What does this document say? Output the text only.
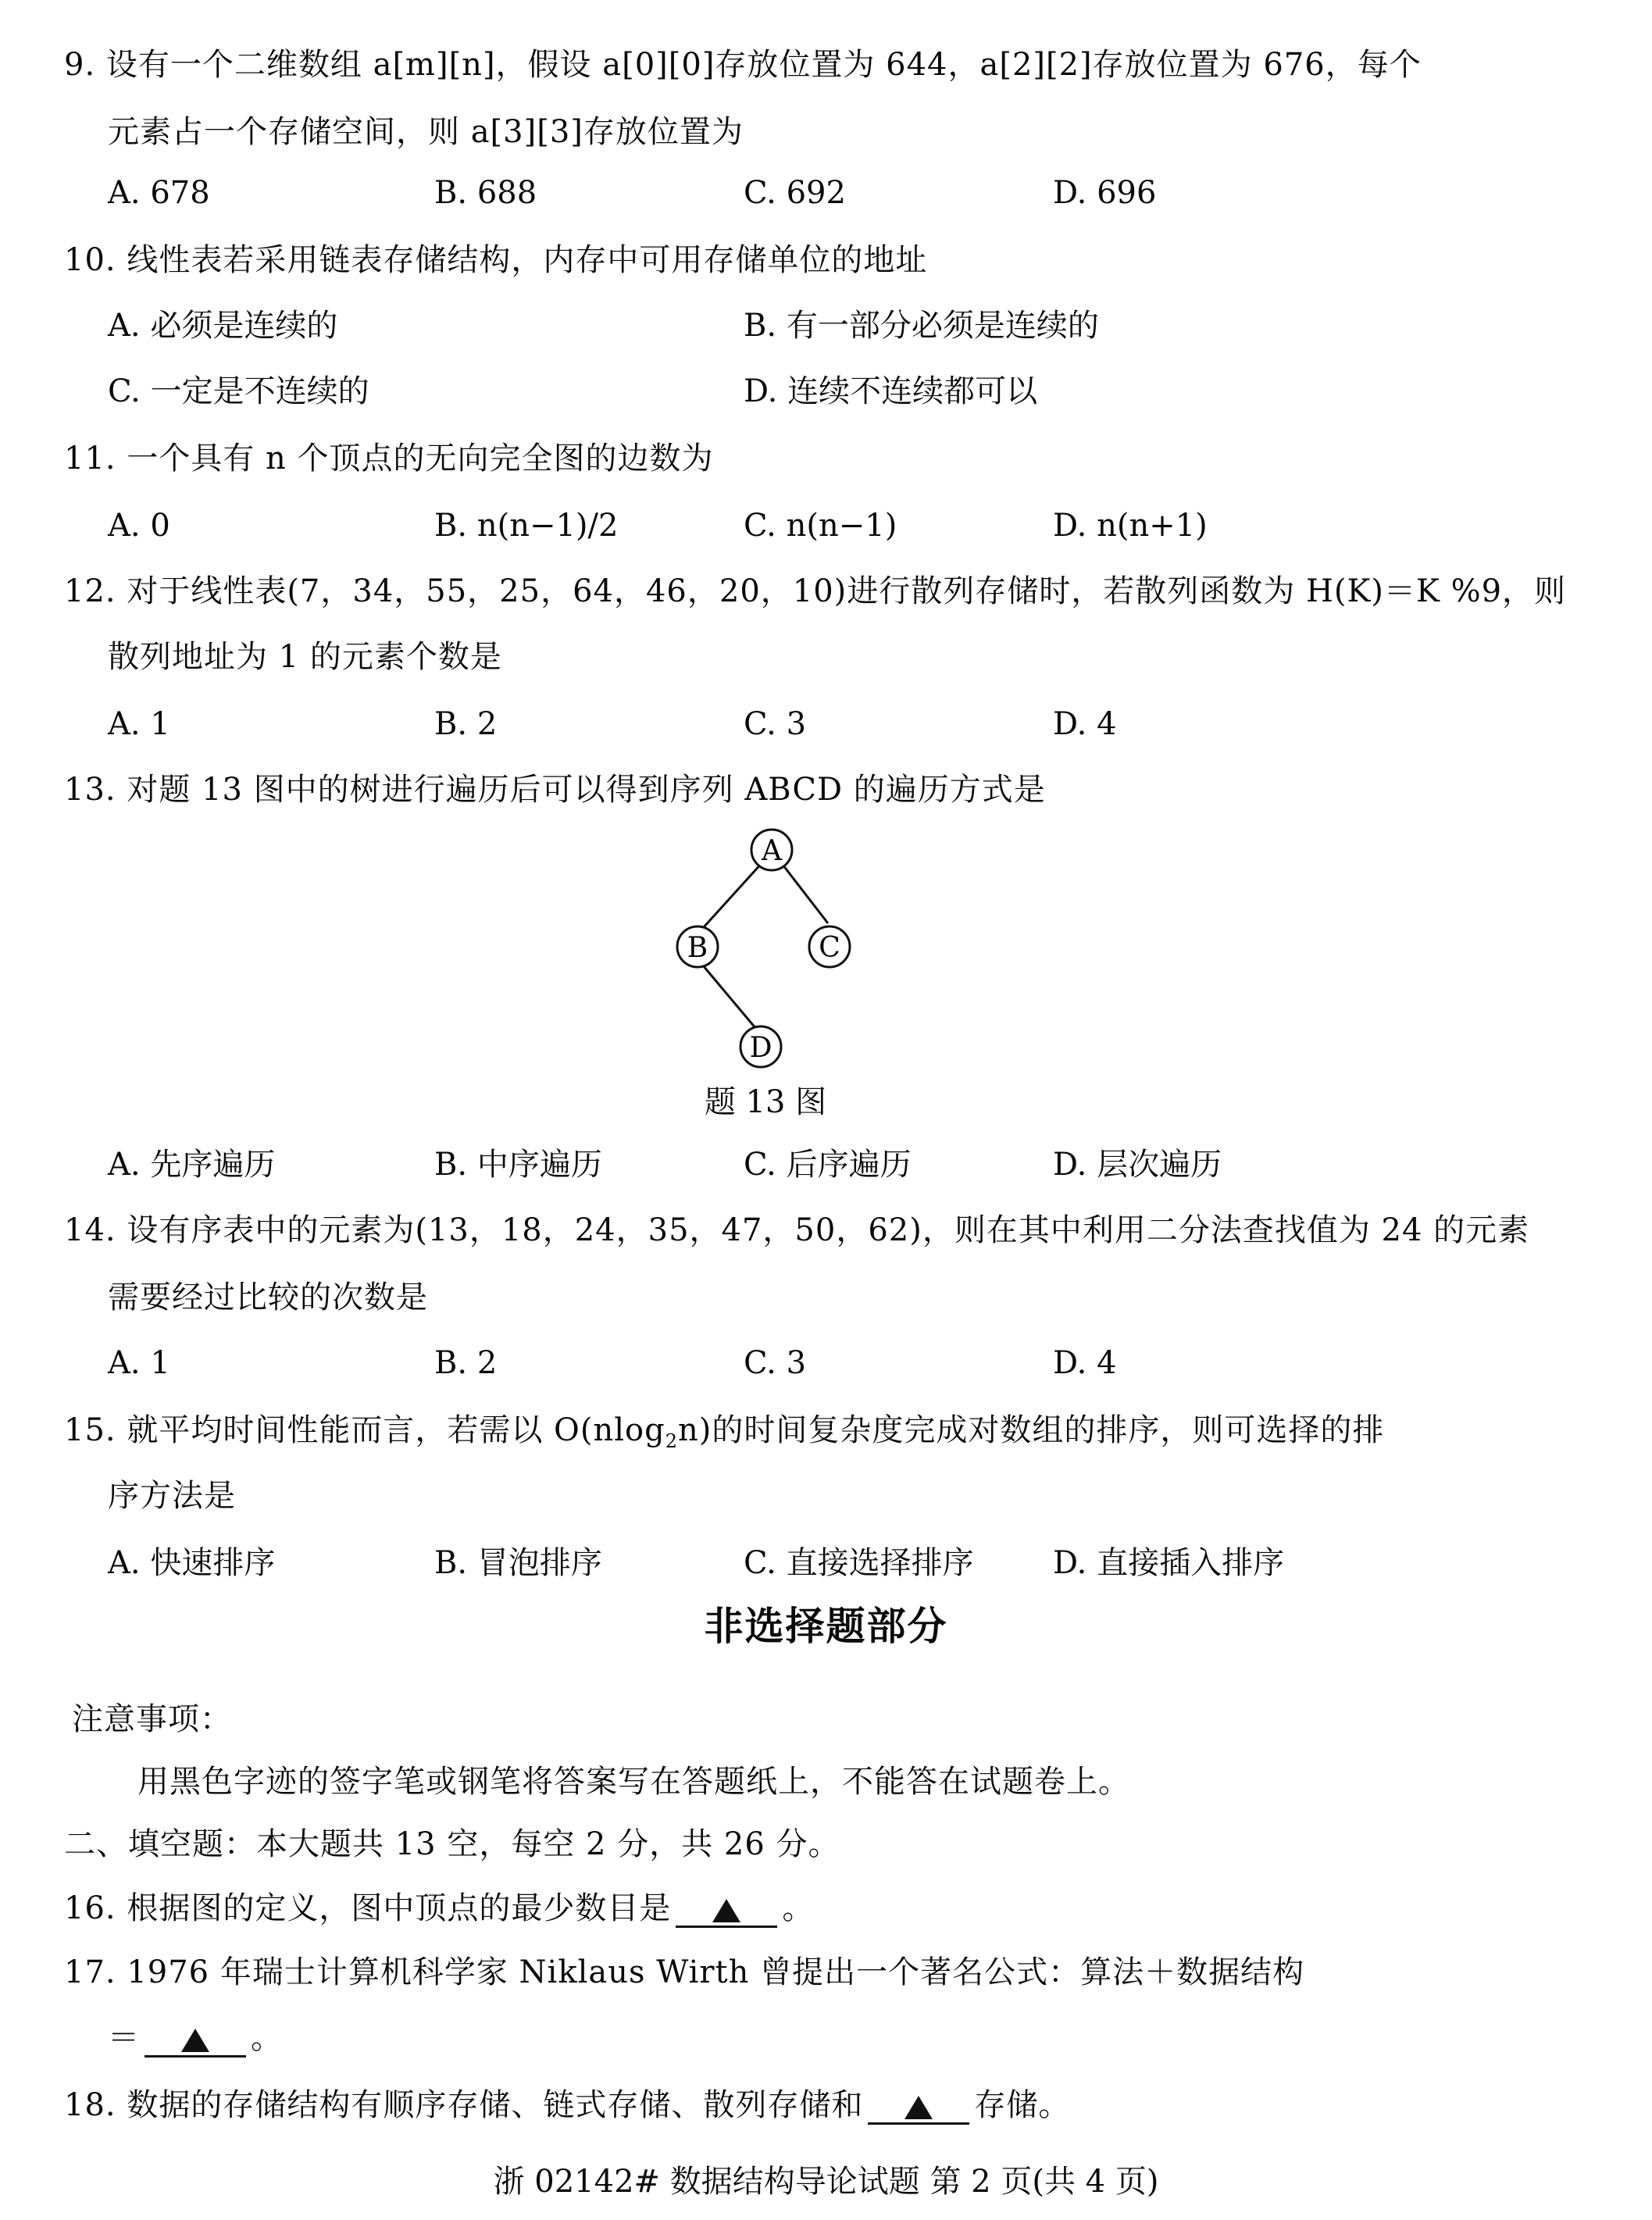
9. 设有一个二维数组 a[m][n]，假设 a[0][0]存放位置为 644，a[2][2]存放位置为 676，每个
元素占一个存储空间，则 a[3][3]存放位置为
A. 678	B. 688	C. 692	D. 696
10. 线性表若采用链表存储结构，内存中可用存储单位的地址
A. 必须是连续的	B. 有一部分必须是连续的
C. 一定是不连续的	D. 连续不连续都可以
11. 一个具有 n 个顶点的无向完全图的边数为
A. 0	B. n(n−1)/2	C. n(n−1)	D. n(n+1)
12. 对于线性表(7，34，55，25，64，46，20，10)进行散列存储时，若散列函数为 H(K)＝K %9，则
散列地址为 1 的元素个数是
A. 1	B. 2	C. 3	D. 4
13. 对题 13 图中的树进行遍历后可以得到序列 ABCD 的遍历方式是
A
B	C
D
题 13 图
A. 先序遍历	B. 中序遍历	C. 后序遍历	D. 层次遍历
14. 设有序表中的元素为(13，18，24，35，47，50，62)，则在其中利用二分法查找值为 24 的元素
需要经过比较的次数是
A. 1	B. 2	C. 3	D. 4
15. 就平均时间性能而言，若需以 O(nlog$_2$n)的时间复杂度完成对数组的排序，则可选择的排
序方法是
A. 快速排序	B. 冒泡排序	C. 直接选择排序	D. 直接插入排序
非选择题部分
注意事项：
用黑色字迹的签字笔或钢笔将答案写在答题纸上，不能答在试题卷上。
二、填空题：本大题共 13 空，每空 2 分，共 26 分。
16. 根据图的定义，图中顶点的最少数目是	。
17. 1976 年瑞士计算机科学家 Niklaus Wirth 曾提出一个著名公式：算法＋数据结构
＝	。
18. 数据的存储结构有顺序存储、链式存储、散列存储和	存储。
浙 02142# 数据结构导论试题 第 2 页(共 4 页)
